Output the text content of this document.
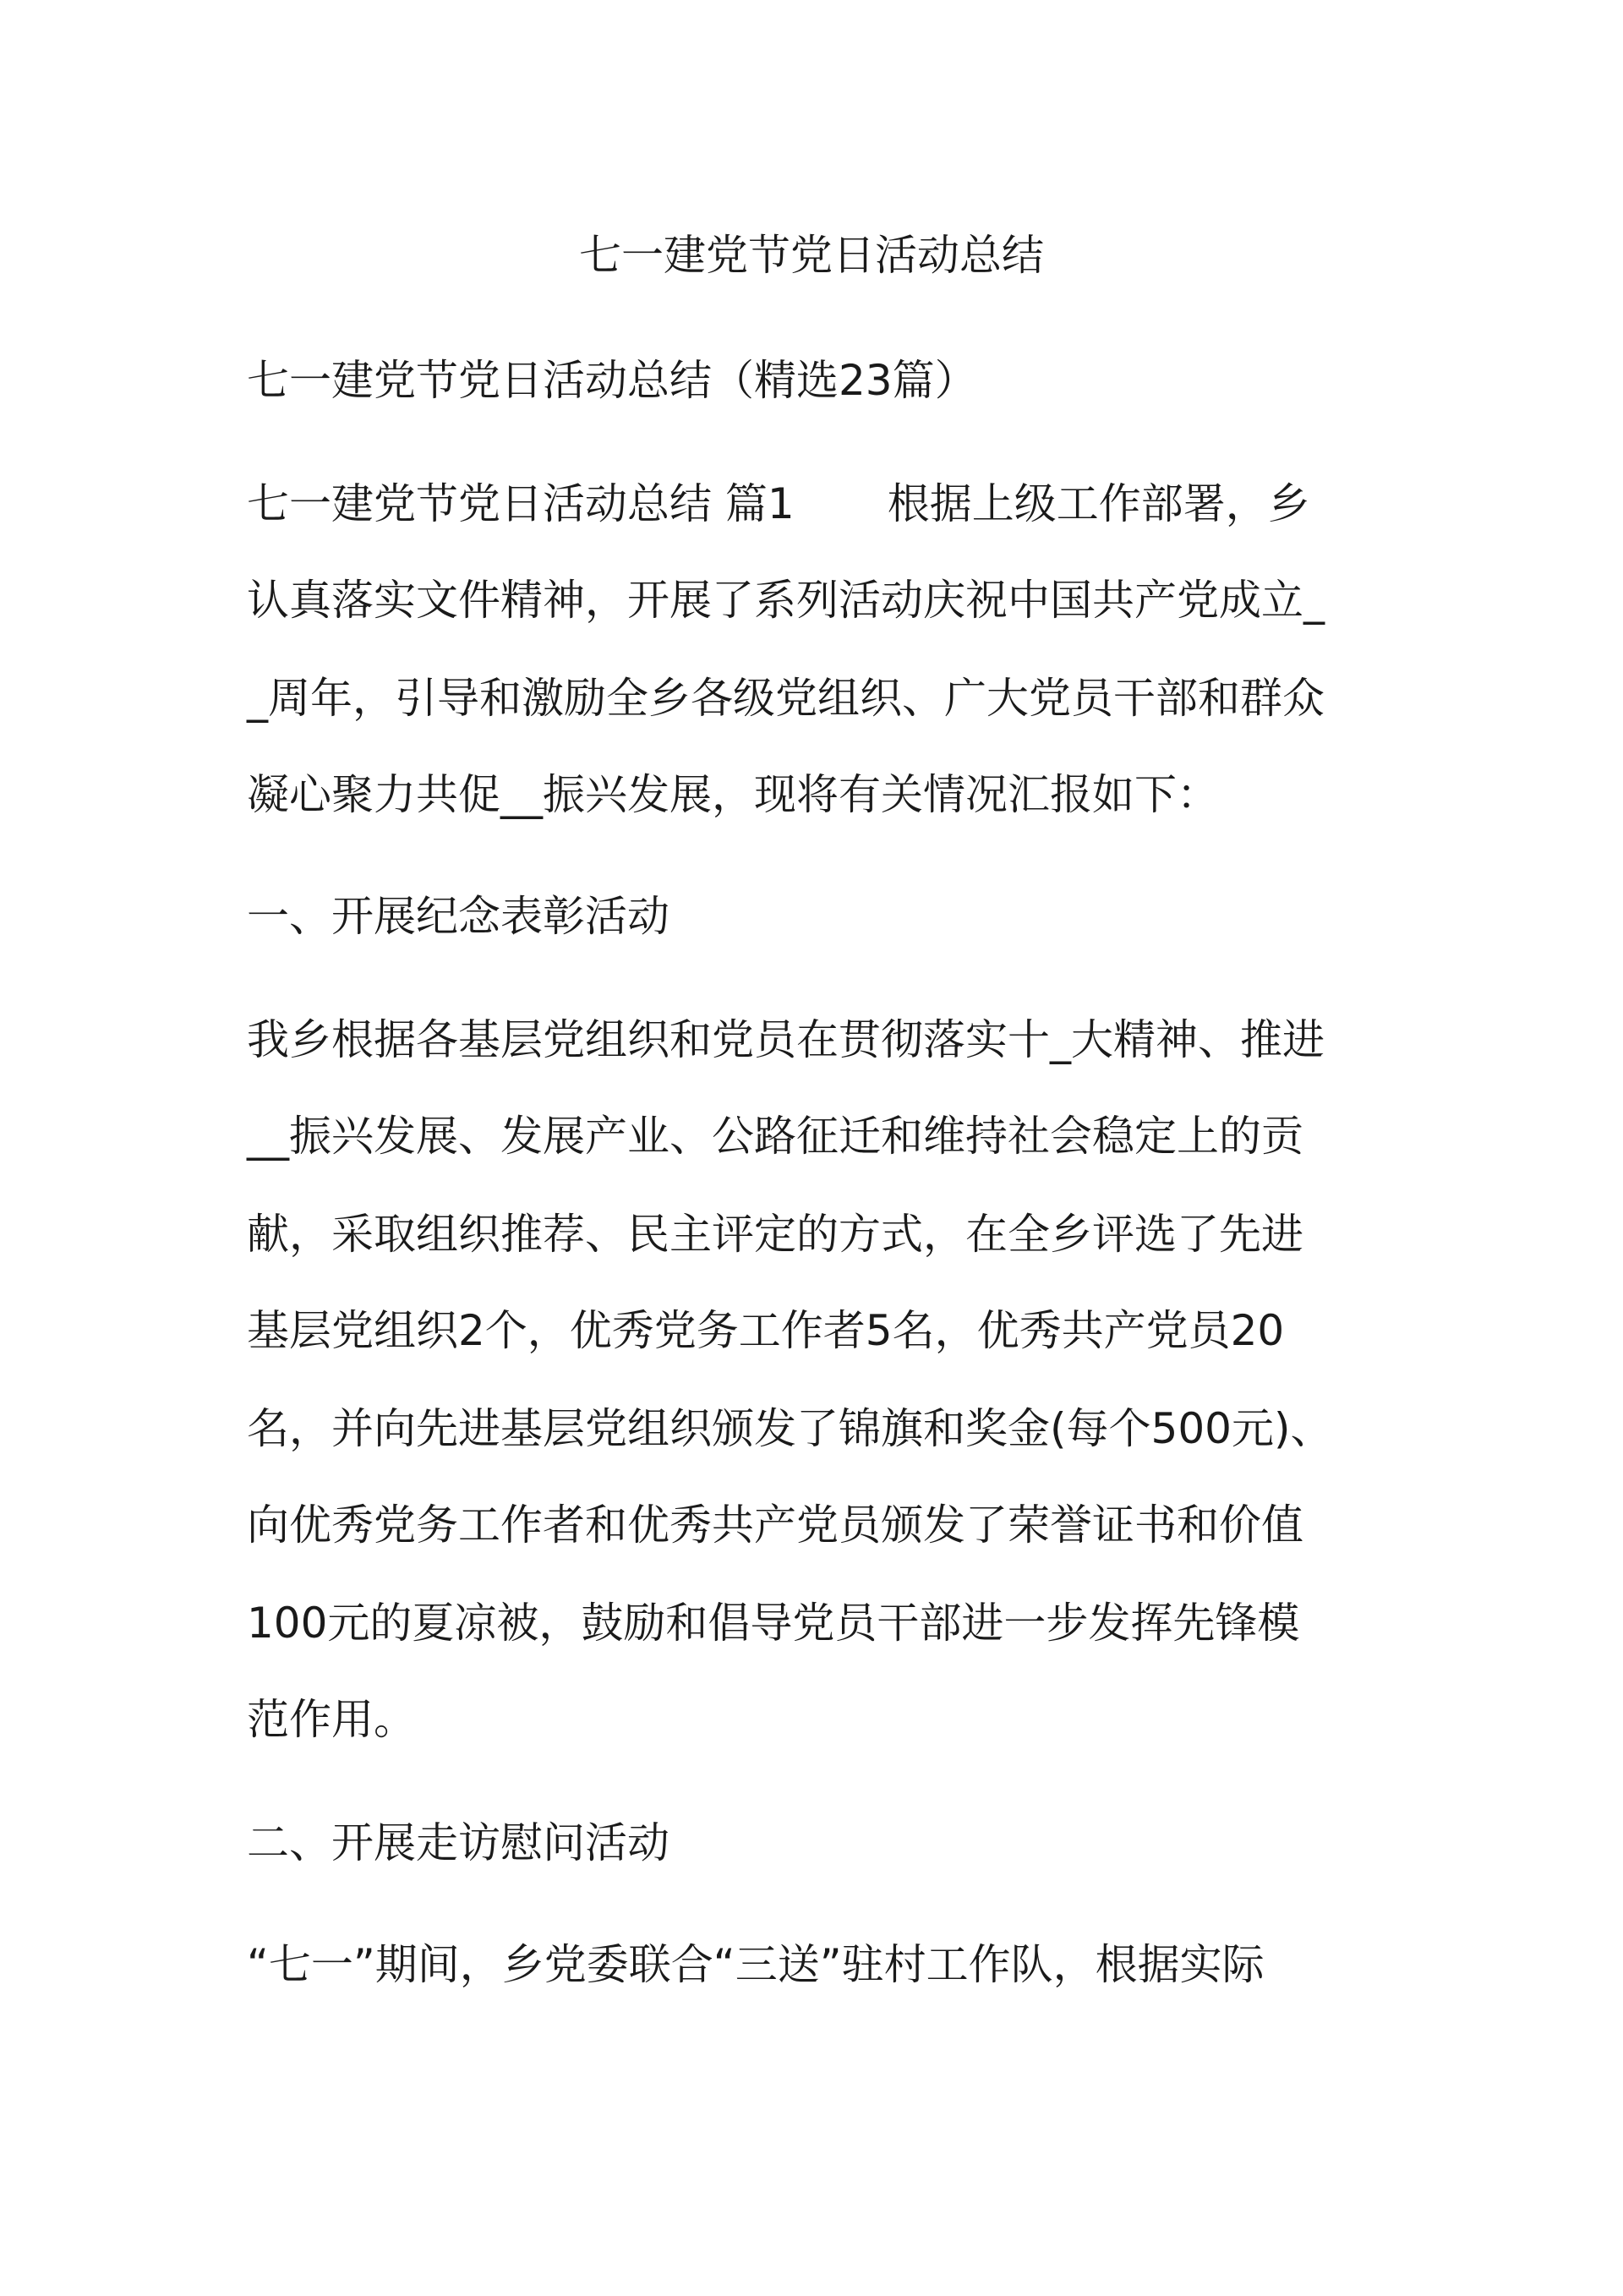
七一建党节党日活动总结

七一建党节党日活动总结（精选23篇）

七一建党节党日活动总结 篇1 根据上级工作部署，乡

认真落实文件精神，开展了系列活动庆祝中国共产党成立_

_周年，引导和激励全乡各级党组织、广大党员干部和群众

凝心聚力共促__振兴发展，现将有关情况汇报如下：

一、开展纪念表彰活动

我乡根据各基层党组织和党员在贯彻落实十_大精神、推进

__振兴发展、发展产业、公路征迁和维持社会稳定上的贡

献，采取组织推荐、民主评定的方式，在全乡评选了先进

基层党组织2个，优秀党务工作者5名，优秀共产党员20

名，并向先进基层党组织颁发了锦旗和奖金(每个500元)、

向优秀党务工作者和优秀共产党员颁发了荣誉证书和价值

100元的夏凉被，鼓励和倡导党员干部进一步发挥先锋模

范作用。

二、开展走访慰问活动

“七一”期间，乡党委联合“三送”驻村工作队，根据实际
